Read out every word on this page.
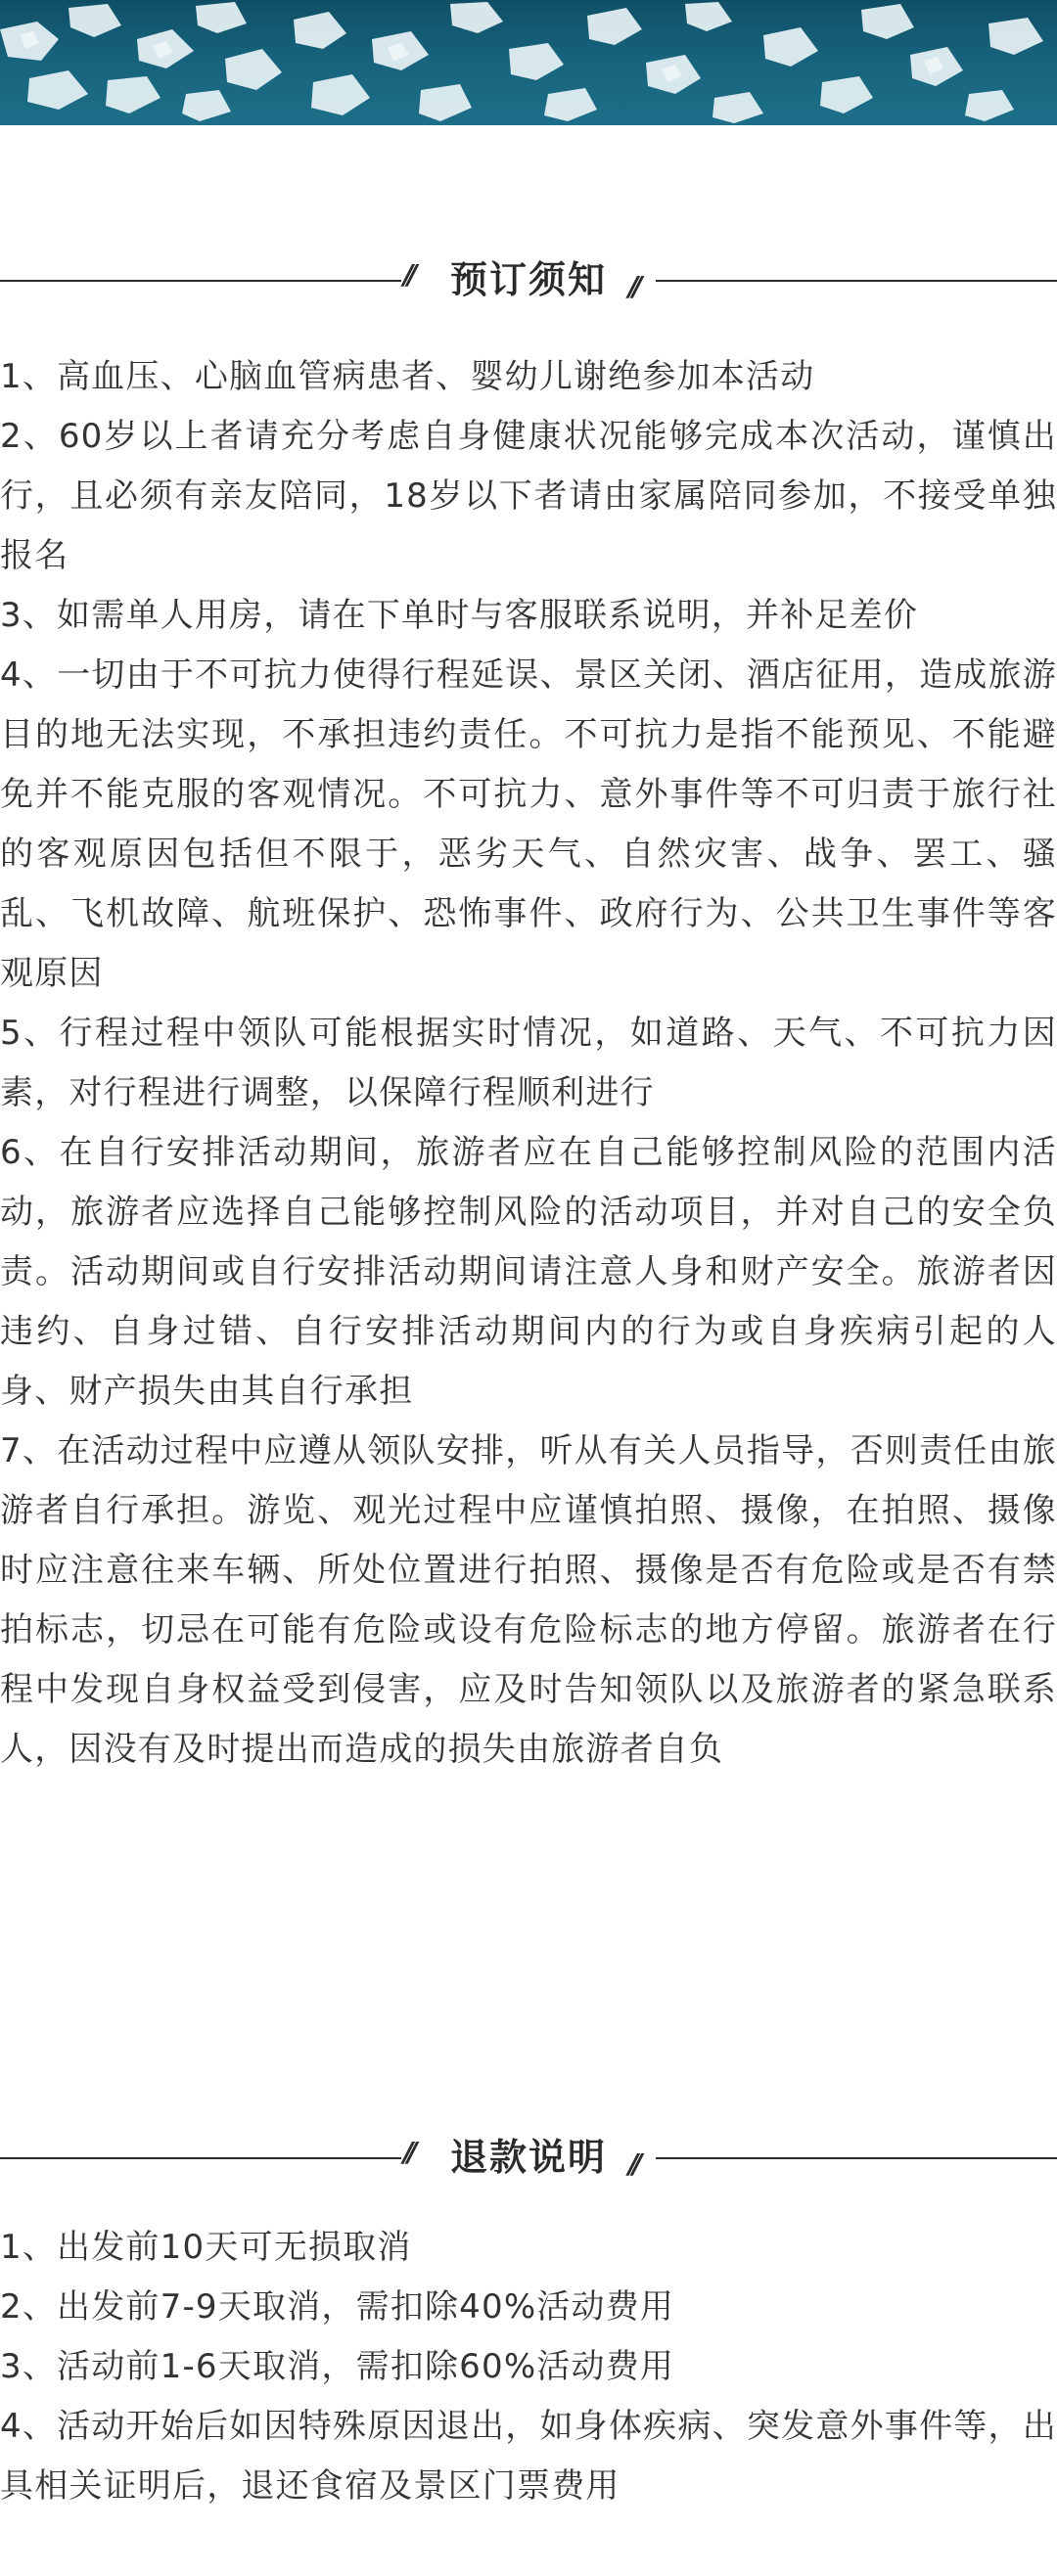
//	预订须知 //
1、高血压、心脑血管病患者、婴幼儿谢绝参加本活动
2、60岁以上者请充分考虑自身健康状况能够完成本次活动，谨慎出行，且必须有亲友陪同，18岁以下者请由家属陪同参加，不接受单独报名
3、如需单人用房，请在下单时与客服联系说明，并补足差价
4、一切由于不可抗力使得行程延误、景区关闭、酒店征用，造成旅游目的地无法实现，不承担违约责任。不可抗力是指不能预见、不能避免并不能克服的客观情况。不可抗力、意外事件等不可归责于旅行社的客观原因包括但不限于，恶劣天气、自然灾害、战争、罢工、骚乱、飞机故障、航班保护、恐怖事件、政府行为、公共卫生事件等客观原因
5、行程过程中领队可能根据实时情况，如道路、天气、不可抗力因素，对行程进行调整，以保障行程顺利进行
6、在自行安排活动期间，旅游者应在自己能够控制风险的范围内活动，旅游者应选择自己能够控制风险的活动项目，并对自己的安全负责。活动期间或自行安排活动期间请注意人身和财产安全。旅游者因违约、自身过错、自行安排活动期间内的行为或自身疾病引起的人身、财产损失由其自行承担
7、在活动过程中应遵从领队安排，听从有关人员指导，否则责任由旅游者自行承担。游览、观光过程中应谨慎拍照、摄像，在拍照、摄像时应注意往来车辆、所处位置进行拍照、摄像是否有危险或是否有禁拍标志，切忌在可能有危险或设有危险标志的地方停留。旅游者在行程中发现自身权益受到侵害，应及时告知领队以及旅游者的紧急联系人，因没有及时提出而造成的损失由旅游者自负
//	退款说明 //
1、出发前10天可无损取消
2、出发前7-9天取消，需扣除40%活动费用
3、活动前1-6天取消，需扣除60%活动费用
4、活动开始后如因特殊原因退出，如身体疾病、突发意外事件等，出具相关证明后，退还食宿及景区门票费用
